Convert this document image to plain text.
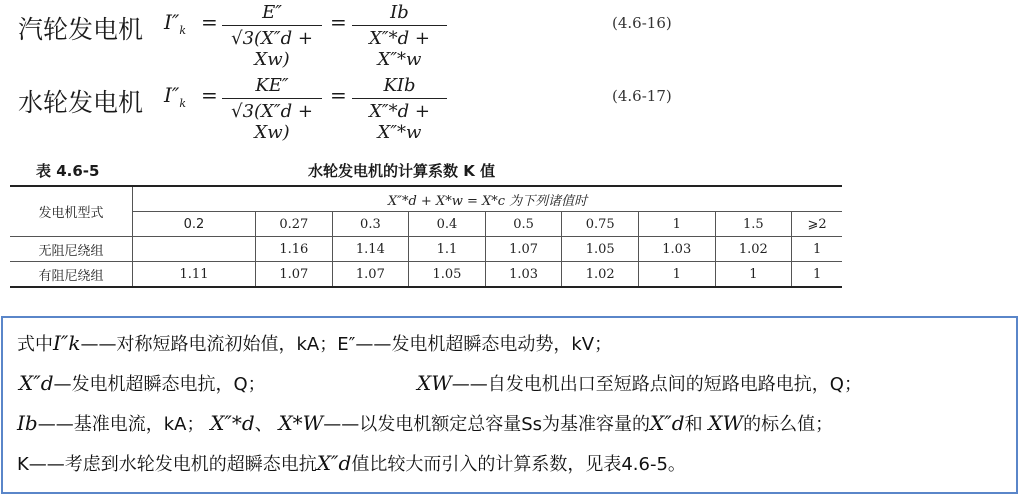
汽轮发电机 $I''_k$ =	E″
√3(X″d + Xw)
=	Ib
X″*d + X″*w
(4.6-16)
水轮发电机 $I''_k$ =	KE″
√3(X″d + Xw)
=	KIb
X″*d + X″*w
(4.6-17)
表 4.6-5	水轮发电机的计算系数 K 值
发电机型式	X″*d + X*w = X*c 为下列诸值时								
	0.2	0.27	0.3	0.4	0.5	0.75	1	1.5	⩾2
无阻尼绕组		1.16	1.14	1.1	1.07	1.05	1.03	1.02	1
有阻尼绕组	1.11	1.07	1.07	1.05	1.03	1.02	1	1	1
式中I″k——对称短路电流初始值，kA；E″——发电机超瞬态电动势，kV；
X″d—发电机超瞬态电抗，Q；	XW——自发电机出口至短路点间的短路电路电抗，Q；
Ib——基准电流，kA； X″*d、 X*W——以发电机额定总容量Ss为基准容量的X″d和 XW的标么值；
K——考虑到水轮发电机的超瞬态电抗X″d值比较大而引入的计算系数，见表4.6-5。
